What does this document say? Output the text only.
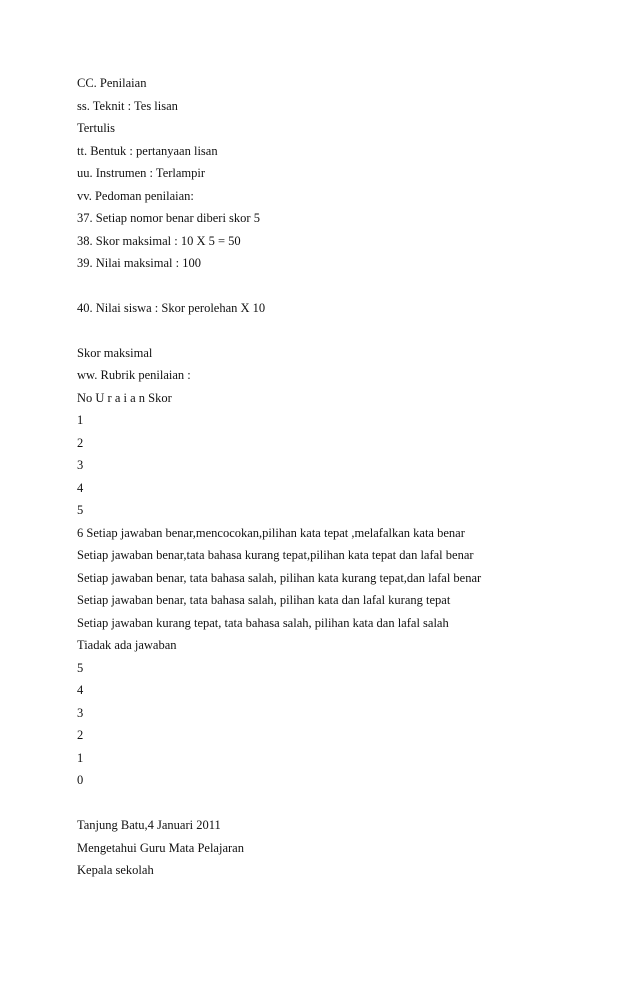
CC. Penilaian

ss. Teknit : Tes lisan

Tertulis

tt. Bentuk : pertanyaan lisan

uu. Instrumen : Terlampir

vv. Pedoman penilaian:

37. Setiap nomor benar diberi skor 5

38. Skor maksimal : 10 X 5 = 50

39. Nilai maksimal : 100

40. Nilai siswa : Skor perolehan X 10

Skor maksimal

ww. Rubrik penilaian :

No U r a i a n Skor

1

2

3

4

5

6 Setiap jawaban benar,mencocokan,pilihan kata tepat ,melafalkan kata benar

Setiap jawaban benar,tata bahasa kurang tepat,pilihan kata tepat dan lafal benar

Setiap jawaban benar, tata bahasa salah, pilihan kata kurang tepat,dan lafal benar

Setiap jawaban benar, tata bahasa salah, pilihan kata dan lafal kurang tepat

Setiap jawaban kurang tepat, tata bahasa salah, pilihan kata dan lafal salah

Tiadak ada jawaban

5

4

3

2

1

0

Tanjung Batu,4 Januari 2011

Mengetahui Guru Mata Pelajaran

Kepala sekolah
